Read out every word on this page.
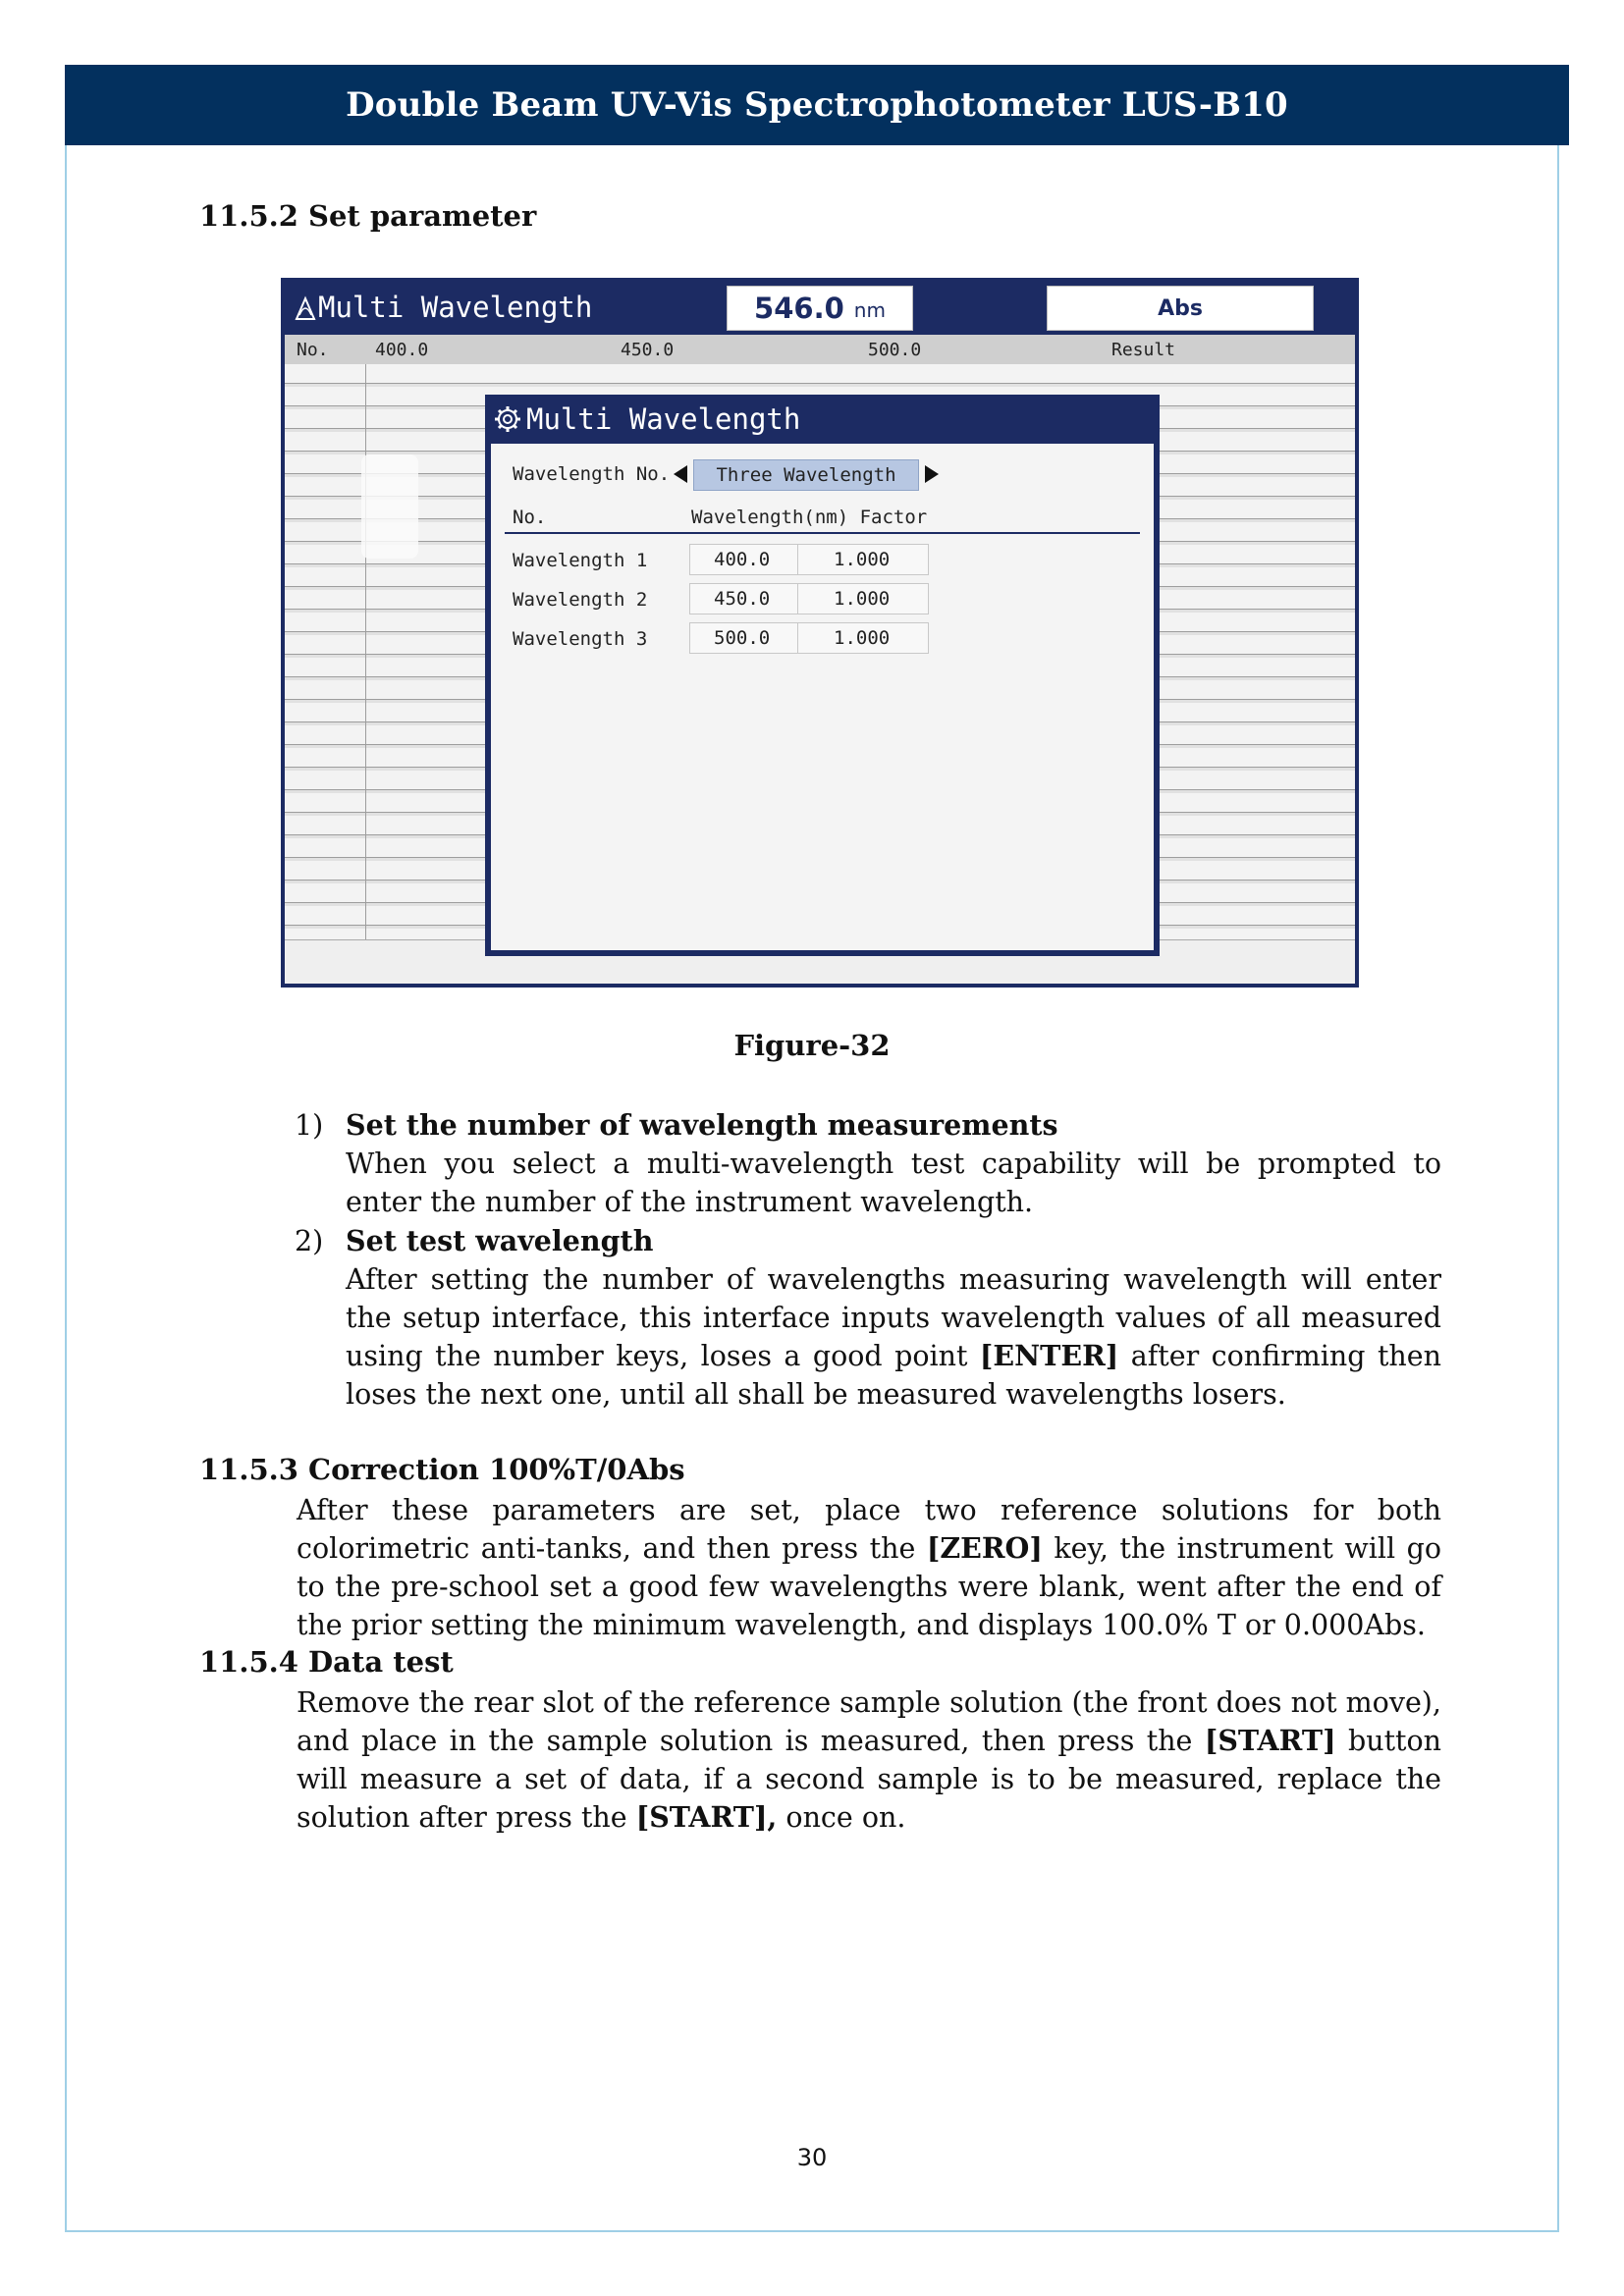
Double Beam UV-Vis Spectrophotometer LUS-B10
11.5.2 Set parameter
Multi Wavelength	546.0 nm	Abs
No.	400.0	450.0	500.0	Result
Multi Wavelength
Wavelength No. Three Wavelength
No.	Wavelength(nm) Factor
Wavelength 1	400.0	1.000
Wavelength 2	450.0	1.000
Wavelength 3	500.0	1.000
Figure-32
1) Set the number of wavelength measurements
When you select a multi-wavelength test capability will be prompted to enter the number of the instrument wavelength.
2) Set test wavelength
After setting the number of wavelengths measuring wavelength will enter the setup interface, this interface inputs wavelength values of all measured using the number keys, loses a good point [ENTER] after confirming then loses the next one, until all shall be measured wavelengths losers.
11.5.3 Correction 100%T/0Abs
After these parameters are set, place two reference solutions for both colorimetric anti-tanks, and then press the [ZERO] key, the instrument will go to the pre-school set a good few wavelengths were blank, went after the end of the prior setting the minimum wavelength, and displays 100.0% T or 0.000Abs.
11.5.4 Data test
Remove the rear slot of the reference sample solution (the front does not move), and place in the sample solution is measured, then press the [START] button will measure a set of data, if a second sample is to be measured, replace the solution after press the [START], once on.
30
